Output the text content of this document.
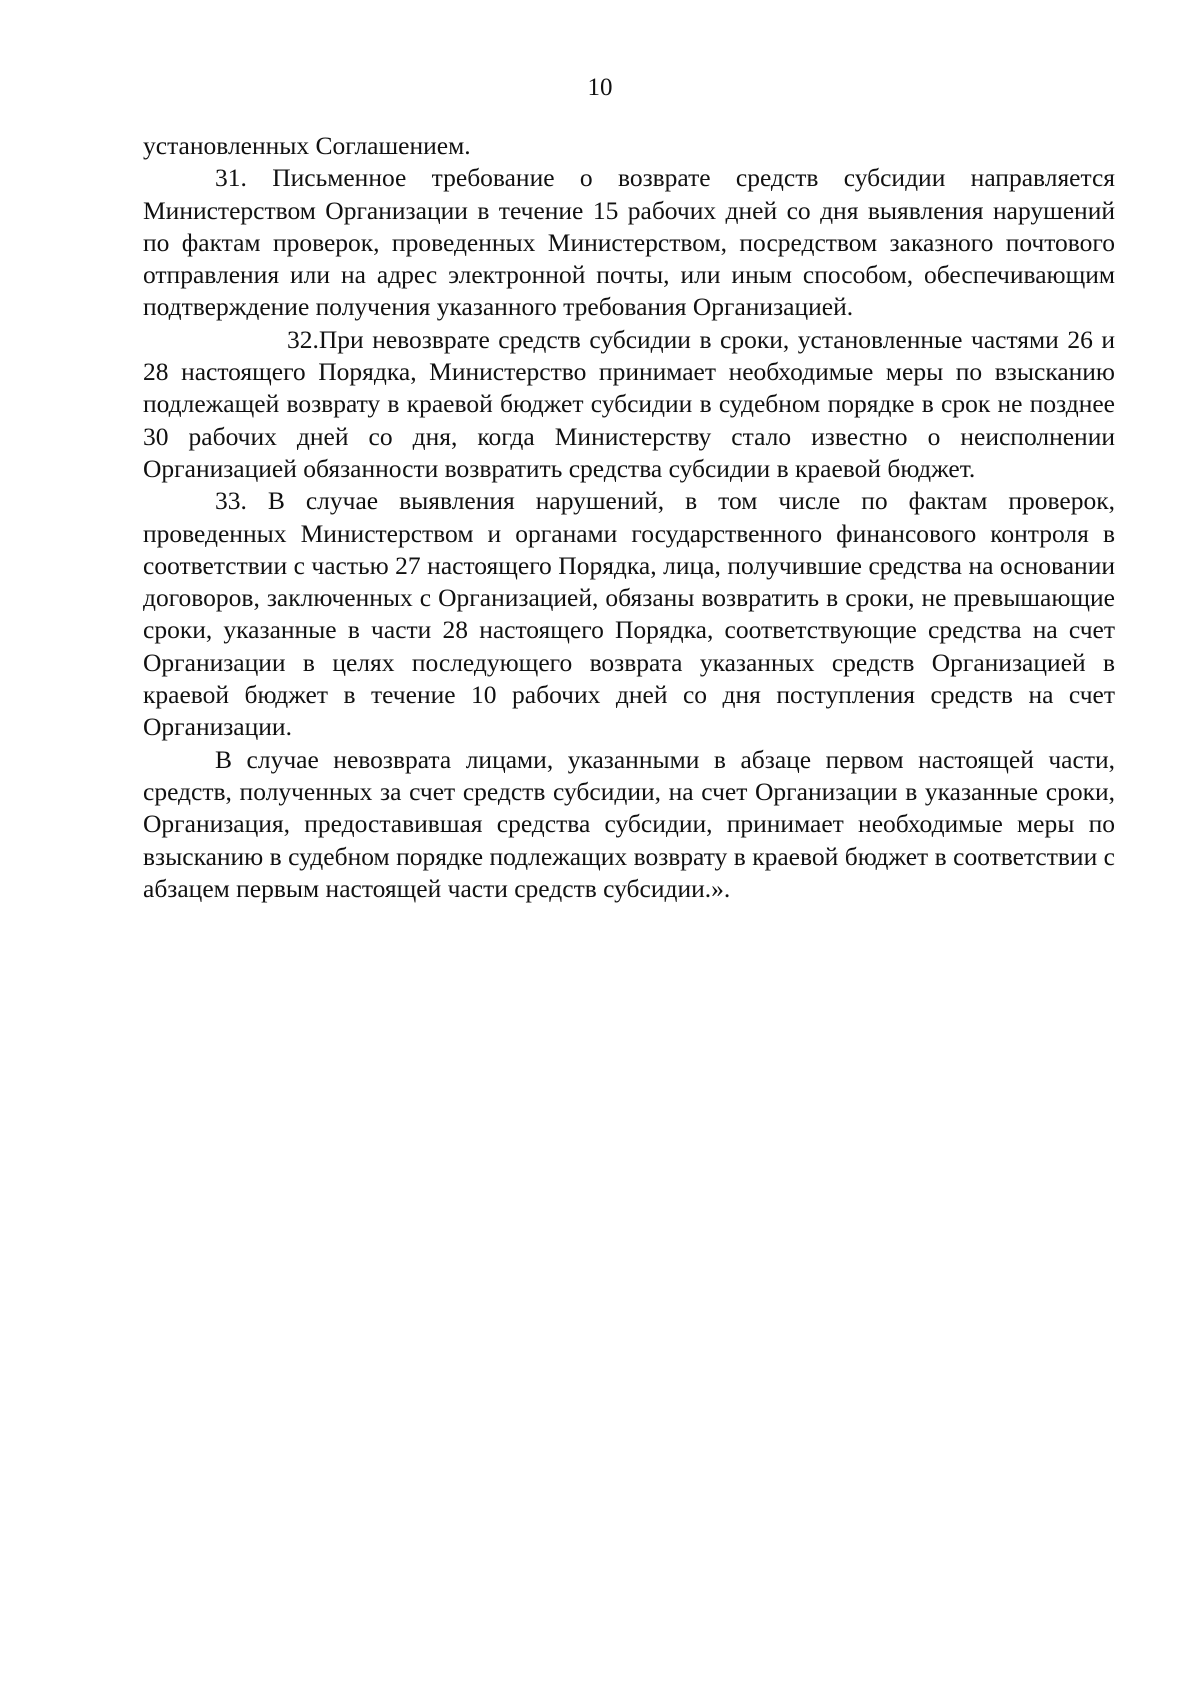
10

установленных Соглашением.

31. Письменное требование о возврате средств субсидии направляется Министерством Организации в течение 15 рабочих дней со дня выявления нарушений по фактам проверок, проведенных Министерством, посредством заказного почтового отправления или на адрес электронной почты, или иным способом, обеспечивающим подтверждение получения указанного требования Организацией.

32.При невозврате средств субсидии в сроки, установленные частями 26 и 28 настоящего Порядка, Министерство принимает необходимые меры по взысканию подлежащей возврату в краевой бюджет субсидии в судебном порядке в срок не позднее 30 рабочих дней со дня, когда Министерству стало известно о неисполнении Организацией обязанности возвратить средства субсидии в краевой бюджет.

33. В случае выявления нарушений, в том числе по фактам проверок, проведенных Министерством и органами государственного финансового контроля в соответствии с частью 27 настоящего Порядка, лица, получившие средства на основании договоров, заключенных с Организацией, обязаны возвратить в сроки, не превышающие сроки, указанные в части 28 настоящего Порядка, соответствующие средства на счет Организации в целях последующего возврата указанных средств Организацией в краевой бюджет в течение 10 рабочих дней со дня поступления средств на счет Организации.

В случае невозврата лицами, указанными в абзаце первом настоящей части, средств, полученных за счет средств субсидии, на счет Организации в указанные сроки, Организация, предоставившая средства субсидии, принимает необходимые меры по взысканию в судебном порядке подлежащих возврату в краевой бюджет в соответствии с абзацем первым настоящей части средств субсидии.».
